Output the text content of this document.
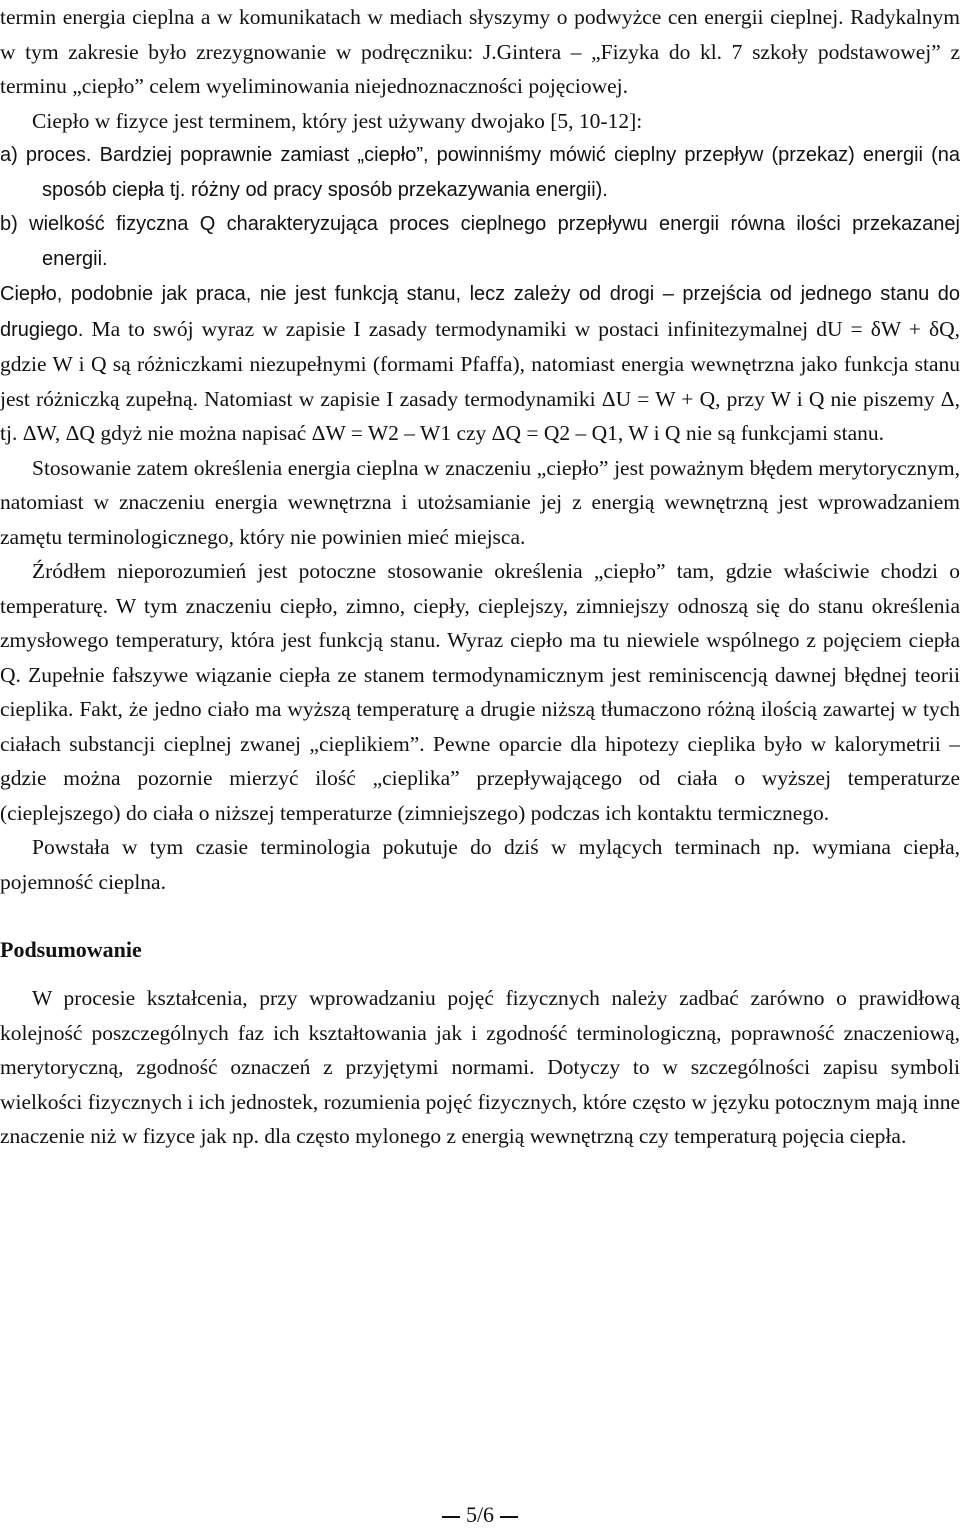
termin energia cieplna a w komunikatach w mediach słyszymy o podwyżce cen energii cieplnej. Radykalnym w tym zakresie było zrezygnowanie w podręczniku: J.Gintera – „Fizyka do kl. 7 szkoły podstawowej” z terminu „ciepło” celem wyeliminowania niejednoznaczności pojęciowej.

Ciepło w fizyce jest terminem, który jest używany dwojako [5, 10-12]:

a) proces. Bardziej poprawnie zamiast „ciepło”, powinniśmy mówić cieplny przepływ (przekaz) energii (na sposób ciepła tj. różny od pracy sposób przekazywania energii).

b) wielkość fizyczna Q charakteryzująca proces cieplnego przepływu energii równa ilości przekazanej energii.

Ciepło, podobnie jak praca, nie jest funkcją stanu, lecz zależy od drogi – przejścia od jednego stanu do drugiego. Ma to swój wyraz w zapisie I zasady termodynamiki w postaci infinitezymalnej dU = δW + δQ, gdzie W i Q są różniczkami niezupełnymi (formami Pfaffa), natomiast energia wewnętrzna jako funkcja stanu jest różniczką zupełną. Natomiast w zapisie I zasady termodynamiki ΔU = W + Q, przy W i Q nie piszemy Δ, tj. ΔW, ΔQ gdyż nie można napisać ΔW = W2 – W1 czy ΔQ = Q2 – Q1, W i Q nie są funkcjami stanu.

Stosowanie zatem określenia energia cieplna w znaczeniu „ciepło” jest poważnym błędem merytorycznym, natomiast w znaczeniu energia wewnętrzna i utożsamianie jej z energią wewnętrzną jest wprowadzaniem zamętu terminologicznego, który nie powinien mieć miejsca.

Źródłem nieporozumień jest potoczne stosowanie określenia „ciepło” tam, gdzie właściwie chodzi o temperaturę. W tym znaczeniu ciepło, zimno, ciepły, cieplejszy, zimniejszy odnoszą się do stanu określenia zmysłowego temperatury, która jest funkcją stanu. Wyraz ciepło ma tu niewiele wspólnego z pojęciem ciepła Q. Zupełnie fałszywe wiązanie ciepła ze stanem termodynamicznym jest reminiscencją dawnej błędnej teorii cieplika. Fakt, że jedno ciało ma wyższą temperaturę a drugie niższą tłumaczono różną ilością zawartej w tych ciałach substancji cieplnej zwanej „cieplikiem”. Pewne oparcie dla hipotezy cieplika było w kalorymetrii – gdzie można pozornie mierzyć ilość „cieplika” przepływającego od ciała o wyższej temperaturze (cieplejszego) do ciała o niższej temperaturze (zimniejszego) podczas ich kontaktu termicznego.

Powstała w tym czasie terminologia pokutuje do dziś w mylących terminach np. wymiana ciepła, pojemność cieplna.

Podsumowanie

W procesie kształcenia, przy wprowadzaniu pojęć fizycznych należy zadbać zarówno o prawidłową kolejność poszczególnych faz ich kształtowania jak i zgodność terminologiczną, poprawność znaczeniową, merytoryczną, zgodność oznaczeń z przyjętymi normami. Dotyczy to w szczególności zapisu symboli wielkości fizycznych i ich jednostek, rozumienia pojęć fizycznych, które często w języku potocznym mają inne znaczenie niż w fizyce jak np. dla często mylonego z energią wewnętrzną czy temperaturą pojęcia ciepła.

5/6
